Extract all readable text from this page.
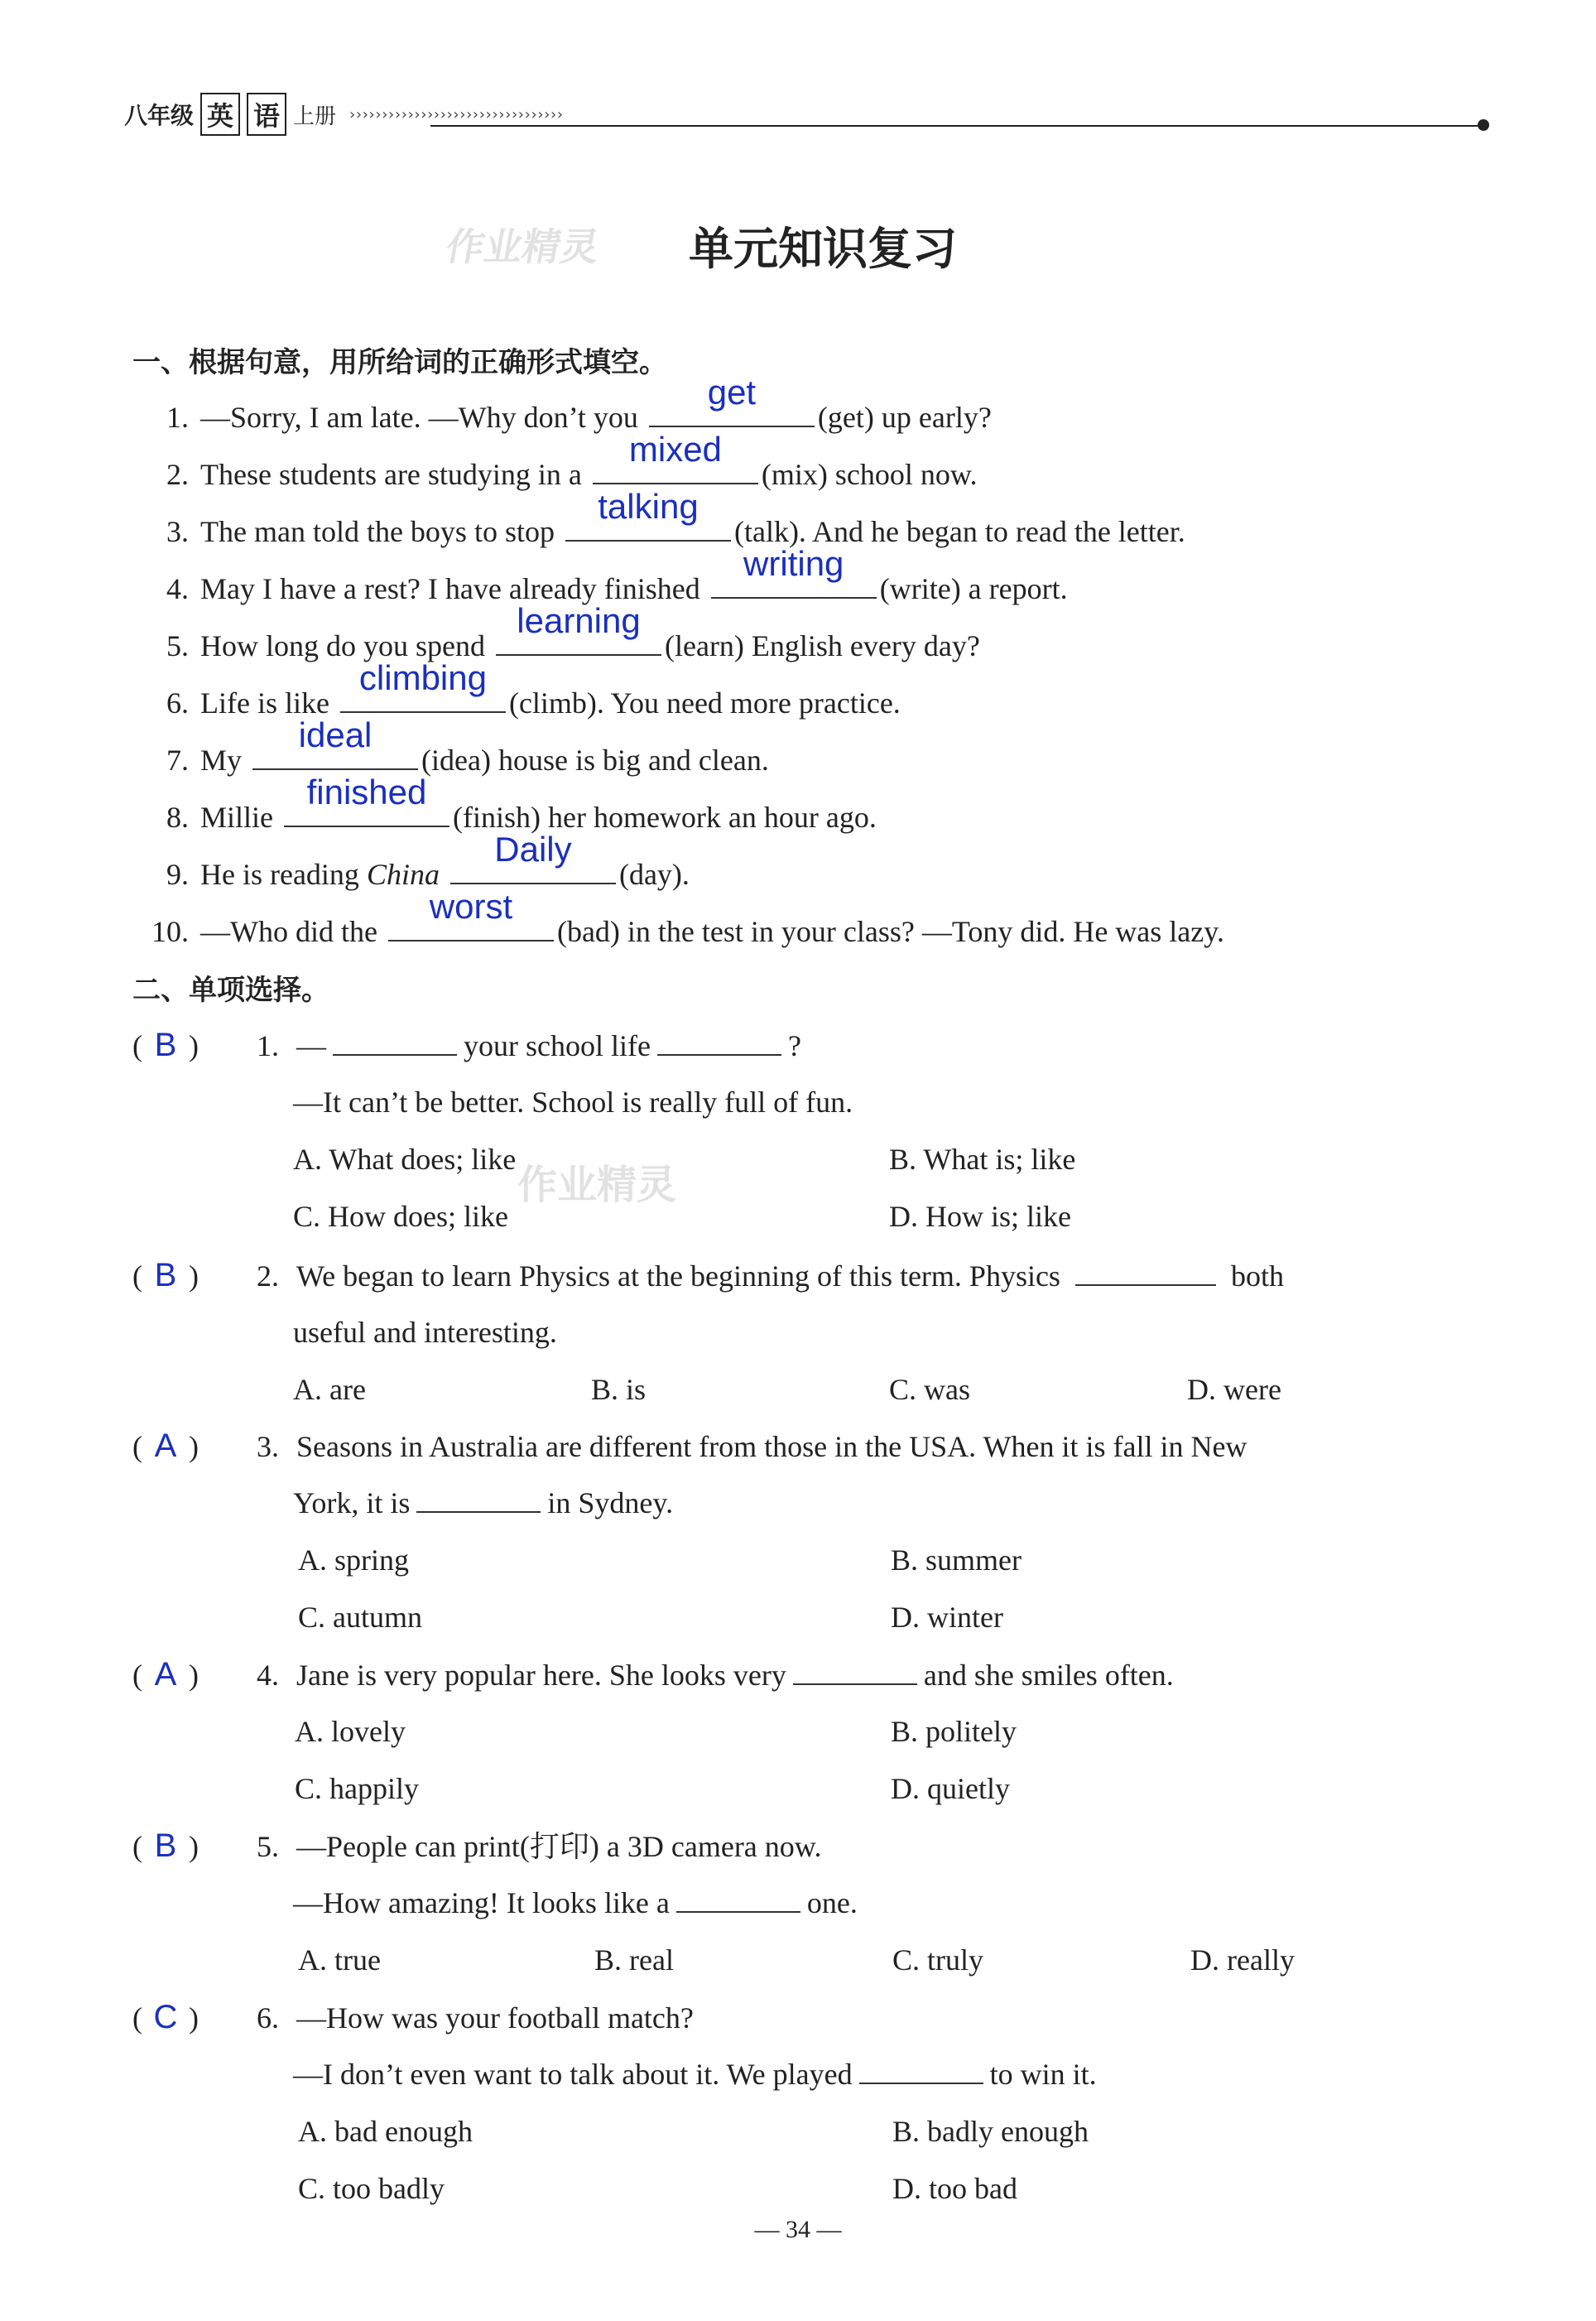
八年级 英 语 上册 ›››››››››››››››››››››››››››››››››
单元知识复习
作业精灵
作业精灵
一、根据句意，用所给词的正确形式填空。
1. —Sorry, I am late. —Why don’t you
get
(get) up early?
2. These students are studying in a
mixed
(mix) school now.
3. The man told the boys to stop
talking
(talk). And he began to read the letter.
4. May I have a rest? I have already finished
writing
(write) a report.
5. How long do you spend
learning
(learn) English every day?
6. Life is like
climbing
(climb). You need more practice.
7. My
ideal
(idea) house is big and clean.
8. Millie
finished
(finish) her homework an hour ago.
9. He is reading China
Daily
(day).
10. —Who did the
worst
(bad) in the test in your class? —Tony did. He was lazy.
二、单项选择。
( B ) 1. —	your school life	?
—It can’t be better. School is really full of fun.
A. What does; like	B. What is; like
C. How does; like	D. How is; like
( B ) 2. We began to learn Physics at the beginning of this term. Physics	both
useful and interesting.
A. are	B. is	C. was	D. were
( A ) 3. Seasons in Australia are different from those in the USA. When it is fall in New
York, it is	in Sydney.
A. spring	B. summer
C. autumn	D. winter
( A ) 4. Jane is very popular here. She looks very	and she smiles often.
A. lovely	B. politely
C. happily	D. quietly
( B ) 5. —People can print(打印) a 3D camera now.
—How amazing! It looks like a	one.
A. true	B. real	C. truly	D. really
( C ) 6. —How was your football match?
—I don’t even want to talk about it. We played	to win it.
A. bad enough	B. badly enough
C. too badly	D. too bad
— 34 —
